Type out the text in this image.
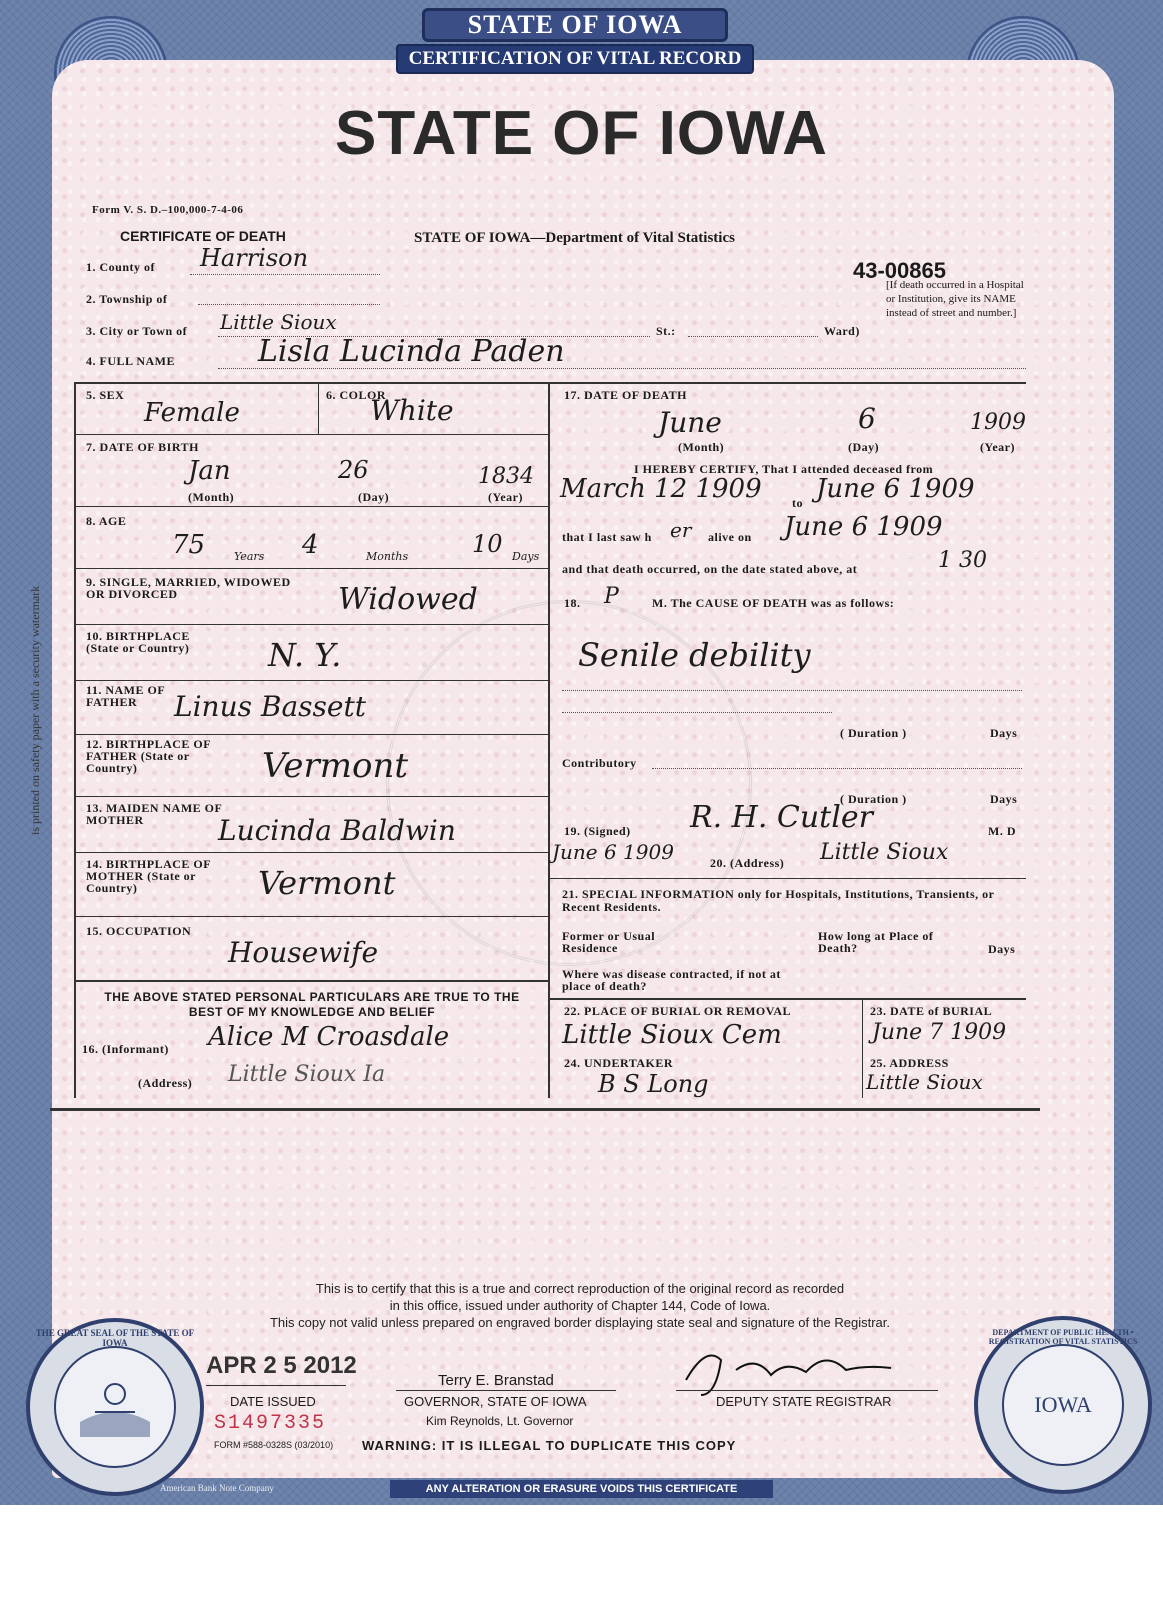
STATE OF IOWA
CERTIFICATION OF VITAL RECORD
STATE OF IOWA
is printed on safety paper with a security watermark
Form V. S. D.–100,000-7-4-06
CERTIFICATE OF DEATH	STATE OF IOWA—Department of Vital Statistics
43-00865
[If death occurred in a Hospital or Institution, give its NAME instead of street and number.]
1. County of Harrison
2. Township of
3. City or Town of Little Sioux	St.:	Ward)
4. FULL NAME	Lisla Lucinda Paden
5. SEX
Female
6. COLOR
White
7. DATE OF BIRTH
Jan	26	1834
(Month)	(Day)	(Year)
8. AGE
75	Years 4	Months	10 Days
9. SINGLE, MARRIED, WIDOWED OR DIVORCED	Widowed
10. BIRTHPLACE (State or Country)	N. Y.
11. NAME OF FATHER	Linus Bassett
12. BIRTHPLACE OF FATHER (State or Country)	Vermont
13. MAIDEN NAME OF MOTHER	Lucinda Baldwin
14. BIRTHPLACE OF MOTHER (State or Country)	Vermont
15. OCCUPATION
Housewife
THE ABOVE STATED PERSONAL PARTICULARS ARE TRUE TO THE BEST OF MY KNOWLEDGE AND BELIEF
16. (Informant) Alice M Croasdale
(Address) Little Sioux Ia
17. DATE OF DEATH
June	6	1909
(Month)	(Day)	(Year)
I HEREBY CERTIFY, That I attended deceased from
March 12 1909	to June 6 1909
that I last saw h er alive on June 6 1909
and that death occurred, on the date stated above, at	1 30
18. P	M. The CAUSE OF DEATH was as follows:
Senile debility
( Duration )	Days
Contributory
( Duration )	Days
19. (Signed) R. H. Cutler	M. D
June 6 1909	20. (Address) Little Sioux
21. SPECIAL INFORMATION only for Hospitals, Institutions, Transients, or Recent Residents.
Former or Usual Residence
How long at Place of Death?	Days
Where was disease contracted, if not at place of death?
22. PLACE OF BURIAL OR REMOVAL
Little Sioux Cem
23. DATE of BURIAL
June 7 1909
24. UNDERTAKER
B S Long
25. ADDRESS
Little Sioux
This is to certify that this is a true and correct reproduction of the original record as recorded
in this office, issued under authority of Chapter 144, Code of Iowa.
This copy not valid unless prepared on engraved border displaying state seal and signature of the Registrar.
THE GREAT SEAL OF THE STATE OF IOWA
APR 2 5 2012
DATE ISSUED
S1497335
FORM #588-0328S (03/2010)
Terry E. Branstad
GOVERNOR, STATE OF IOWA
Kim Reynolds, Lt. Governor
DEPUTY STATE REGISTRAR
WARNING: IT IS ILLEGAL TO DUPLICATE THIS COPY
IOWA
DEPARTMENT OF PUBLIC HEALTH • REGISTRATION OF VITAL STATISTICS
American Bank Note Company	ANY ALTERATION OR ERASURE VOIDS THIS CERTIFICATE
